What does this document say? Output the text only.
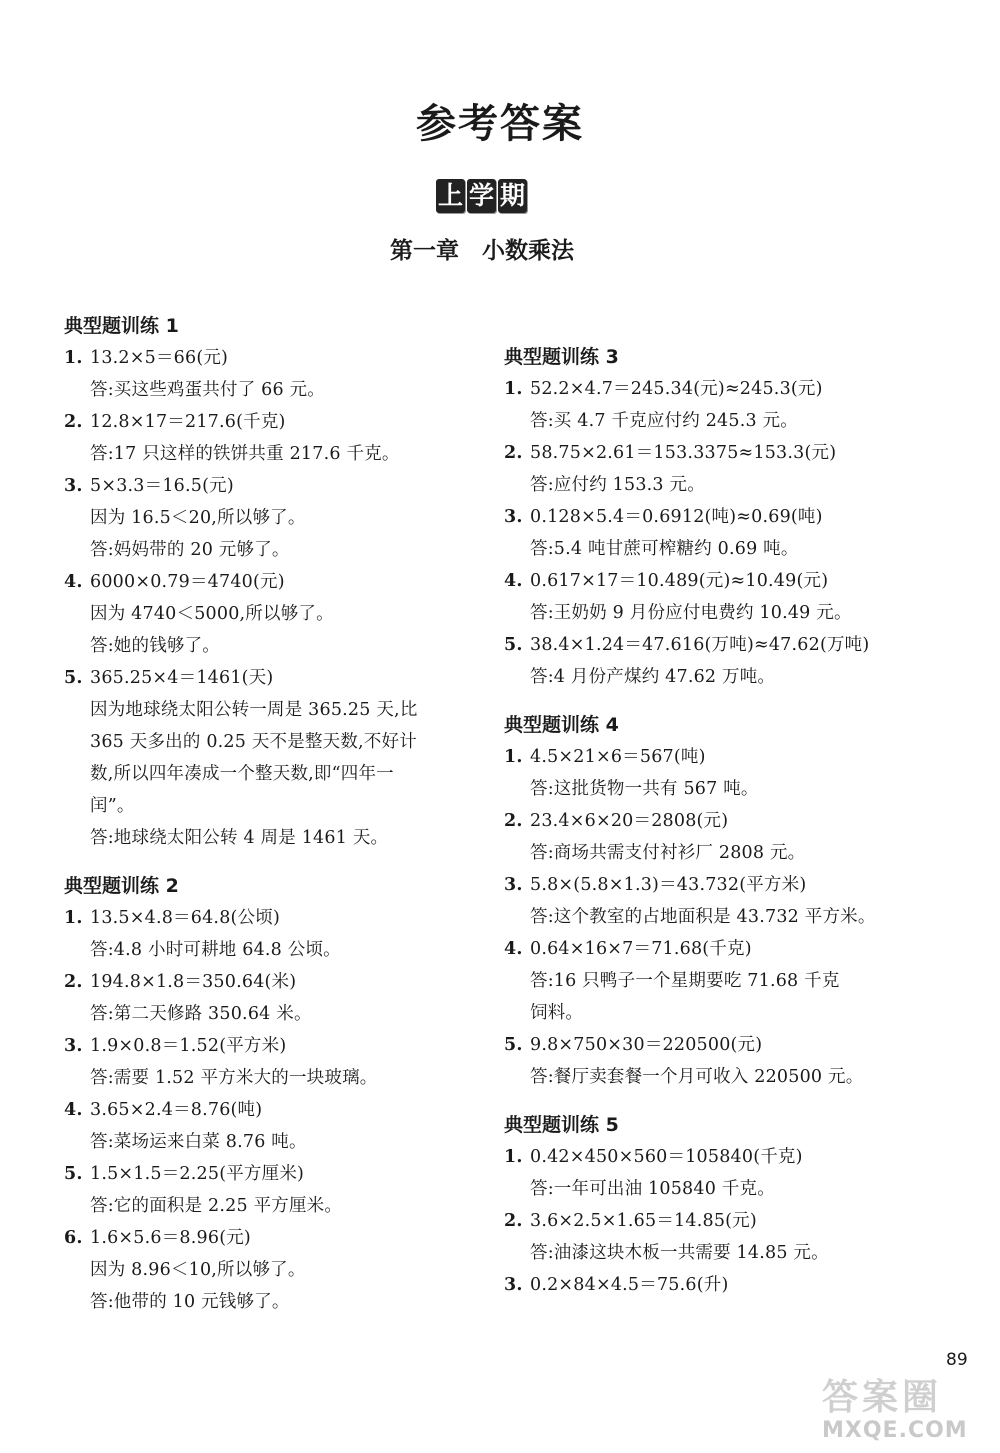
参考答案
上 学 期
第一章　小数乘法
典型题训练 1
1. 13.2×5＝66(元)
答:买这些鸡蛋共付了 66 元。
2. 12.8×17＝217.6(千克)
答:17 只这样的铁饼共重 217.6 千克。
3. 5×3.3＝16.5(元)
因为 16.5＜20,所以够了。
答:妈妈带的 20 元够了。
4. 6000×0.79＝4740(元)
因为 4740＜5000,所以够了。
答:她的钱够了。
5. 365.25×4＝1461(天)
因为地球绕太阳公转一周是 365.25 天,比
365 天多出的 0.25 天不是整天数,不好计
数,所以四年凑成一个整天数,即“四年一
闰”。
答:地球绕太阳公转 4 周是 1461 天。
典型题训练 2
1. 13.5×4.8＝64.8(公顷)
答:4.8 小时可耕地 64.8 公顷。
2. 194.8×1.8＝350.64(米)
答:第二天修路 350.64 米。
3. 1.9×0.8＝1.52(平方米)
答:需要 1.52 平方米大的一块玻璃。
4. 3.65×2.4＝8.76(吨)
答:菜场运来白菜 8.76 吨。
5. 1.5×1.5＝2.25(平方厘米)
答:它的面积是 2.25 平方厘米。
6. 1.6×5.6＝8.96(元)
因为 8.96＜10,所以够了。
答:他带的 10 元钱够了。
典型题训练 3
1. 52.2×4.7＝245.34(元)≈245.3(元)
答:买 4.7 千克应付约 245.3 元。
2. 58.75×2.61＝153.3375≈153.3(元)
答:应付约 153.3 元。
3. 0.128×5.4＝0.6912(吨)≈0.69(吨)
答:5.4 吨甘蔗可榨糖约 0.69 吨。
4. 0.617×17＝10.489(元)≈10.49(元)
答:王奶奶 9 月份应付电费约 10.49 元。
5. 38.4×1.24＝47.616(万吨)≈47.62(万吨)
答:4 月份产煤约 47.62 万吨。
典型题训练 4
1. 4.5×21×6＝567(吨)
答:这批货物一共有 567 吨。
2. 23.4×6×20＝2808(元)
答:商场共需支付衬衫厂 2808 元。
3. 5.8×(5.8×1.3)＝43.732(平方米)
答:这个教室的占地面积是 43.732 平方米。
4. 0.64×16×7＝71.68(千克)
答:16 只鸭子一个星期要吃 71.68 千克
饲料。
5. 9.8×750×30＝220500(元)
答:餐厅卖套餐一个月可收入 220500 元。
典型题训练 5
1. 0.42×450×560＝105840(千克)
答:一年可出油 105840 千克。
2. 3.6×2.5×1.65＝14.85(元)
答:油漆这块木板一共需要 14.85 元。
3. 0.2×84×4.5＝75.6(升)
89
答案圈
MXQE.COM
